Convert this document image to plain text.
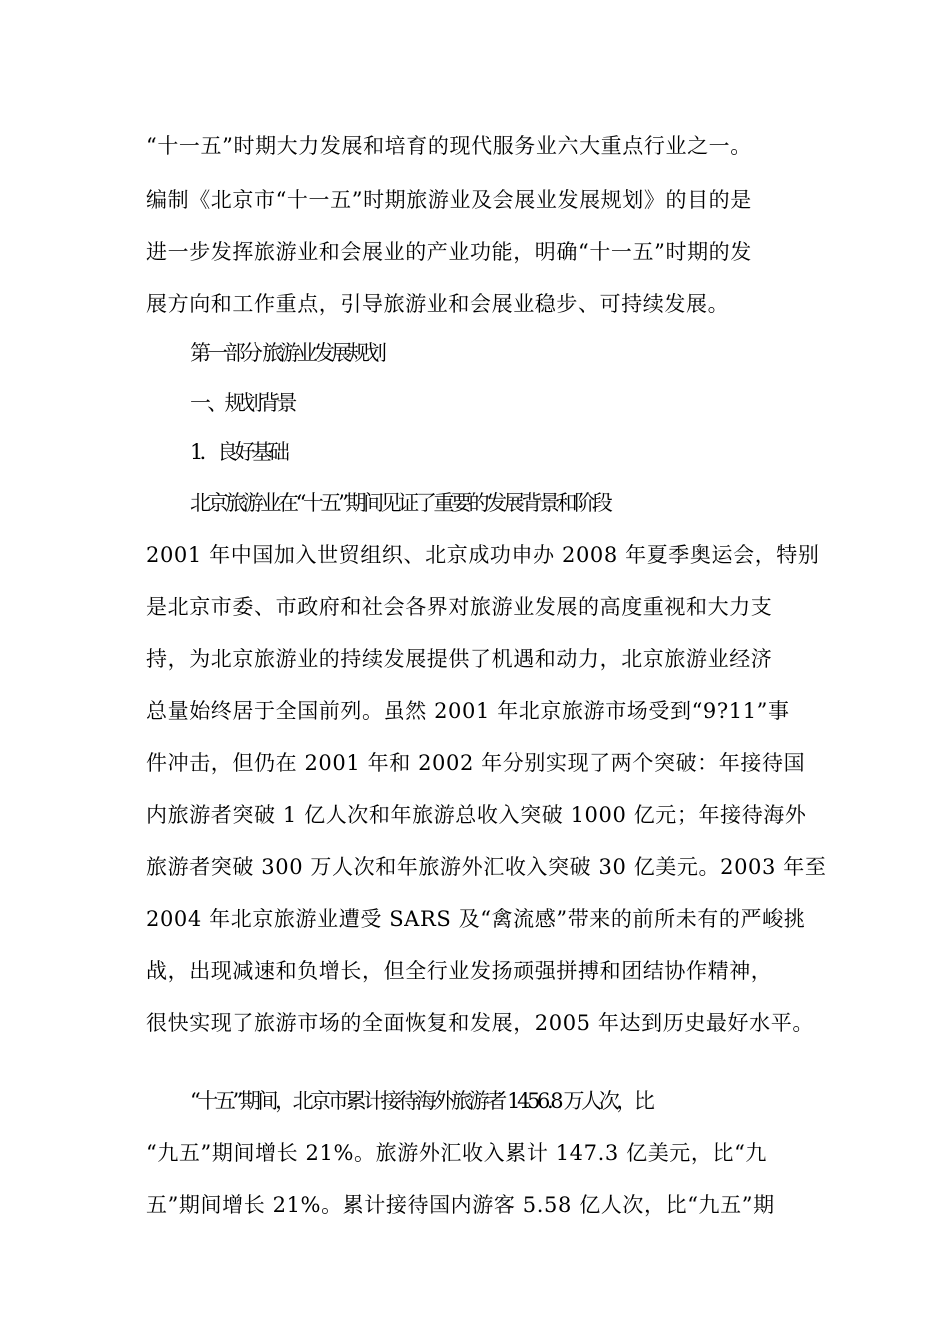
“十一五”时期大力发展和培育的现代服务业六大重点行业之一。
编制《北京市“十一五”时期旅游业及会展业发展规划》的目的是
进一步发挥旅游业和会展业的产业功能，明确“十一五”时期的发
展方向和工作重点，引导旅游业和会展业稳步、可持续发展。
第一部分 旅游业发展规划
一、规划背景
1．良好基础
北京旅游业在“十五”期间见证了重要的发展背景和阶段
2001 年中国加入世贸组织、北京成功申办 2008 年夏季奥运会，特别
是北京市委、市政府和社会各界对旅游业发展的高度重视和大力支
持，为北京旅游业的持续发展提供了机遇和动力，北京旅游业经济
总量始终居于全国前列。虽然 2001 年北京旅游市场受到“9?11”事
件冲击，但仍在 2001 年和 2002 年分别实现了两个突破：年接待国
内旅游者突破 1 亿人次和年旅游总收入突破 1000 亿元；年接待海外
旅游者突破 300 万人次和年旅游外汇收入突破 30 亿美元。2003 年至
2004 年北京旅游业遭受 SARS 及“禽流感”带来的前所未有的严峻挑
战，出现减速和负增长，但全行业发扬顽强拼搏和团结协作精神，
很快实现了旅游市场的全面恢复和发展，2005 年达到历史最好水平。
“十五”期间，北京市累计接待海外旅游者 1456.8 万人次，比
“九五”期间增长 21%。旅游外汇收入累计 147.3 亿美元，比“九
五”期间增长 21%。累计接待国内游客 5.58 亿人次，比“九五”期
